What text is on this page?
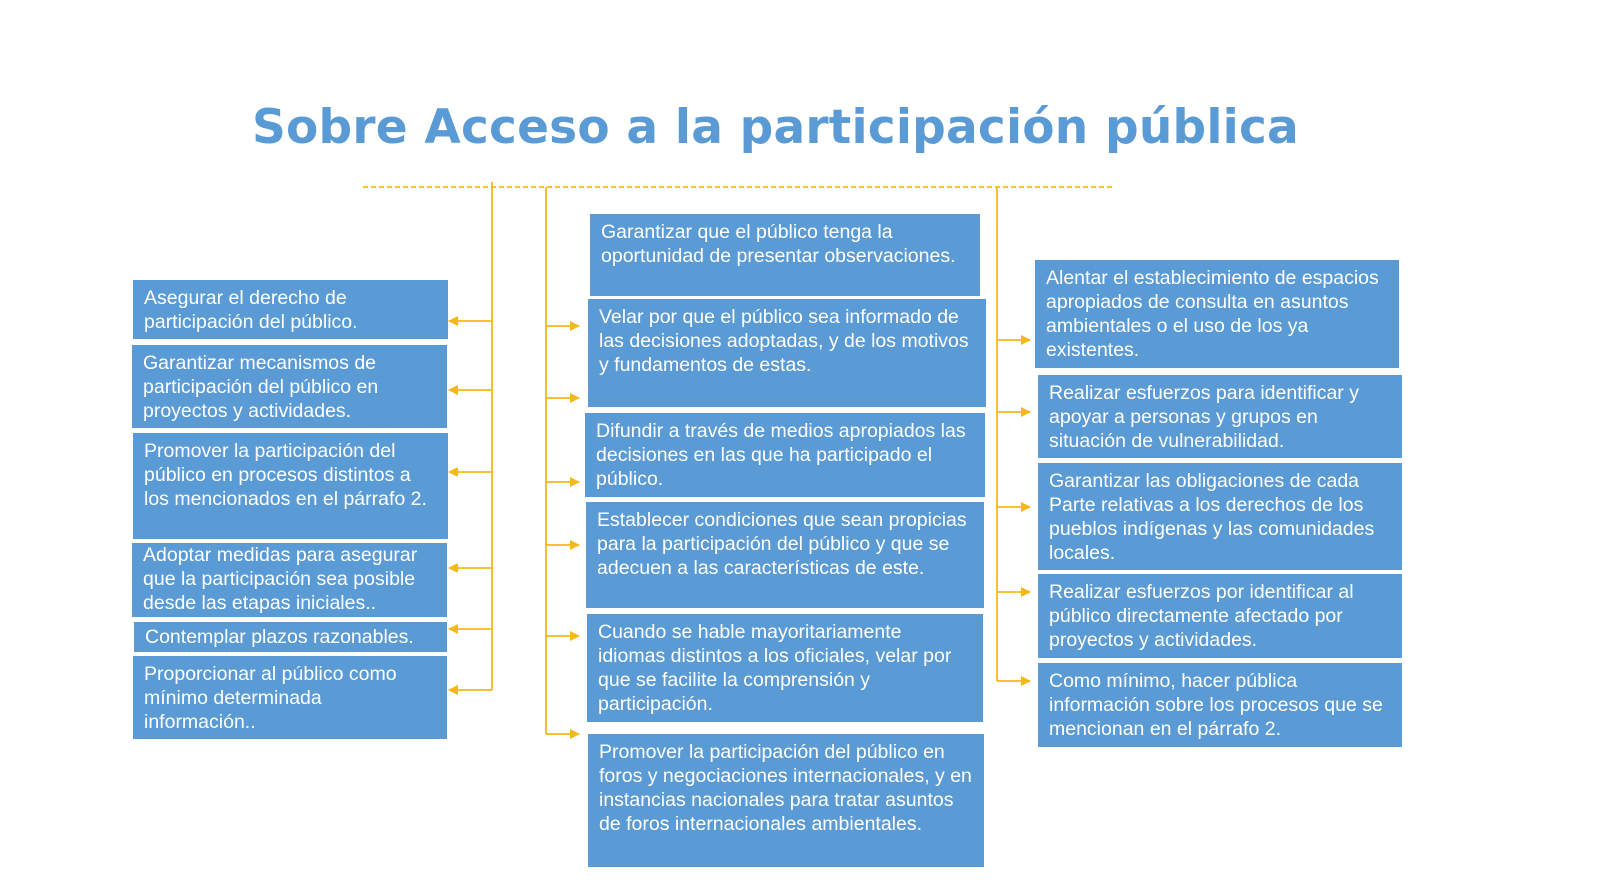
Sobre Acceso a la participación pública
Asegurar el derecho de participación del público.
Garantizar mecanismos de participación del público en proyectos y actividades.
Promover la participación del público en procesos distintos a los mencionados en el párrafo 2.
Adoptar medidas para asegurar que la participación sea posible desde las etapas iniciales..
Contemplar plazos razonables.
Proporcionar al público como mínimo determinada información..
Garantizar que el público tenga la oportunidad de presentar observaciones.
Velar por que el público sea informado de las decisiones adoptadas, y de los motivos y fundamentos de estas.
Difundir a través de medios apropiados las decisiones en las que ha participado el público.
Establecer condiciones que sean propicias para la participación del público y que se adecuen a las características de este.
Cuando se hable mayoritariamente idiomas distintos a los oficiales, velar por que se facilite la comprensión y participación.
Promover la participación del público en foros y negociaciones internacionales, y en instancias nacionales para tratar asuntos de foros internacionales ambientales.
Alentar el establecimiento de espacios apropiados de consulta en asuntos ambientales o el uso de los ya existentes.
Realizar esfuerzos para identificar y apoyar a personas y grupos en situación de vulnerabilidad.
Garantizar las obligaciones de cada Parte relativas a los derechos de los pueblos indígenas y las comunidades locales.
Realizar esfuerzos por identificar al público directamente afectado por proyectos y actividades.
Como mínimo, hacer pública información sobre los procesos que se mencionan en el párrafo 2.
